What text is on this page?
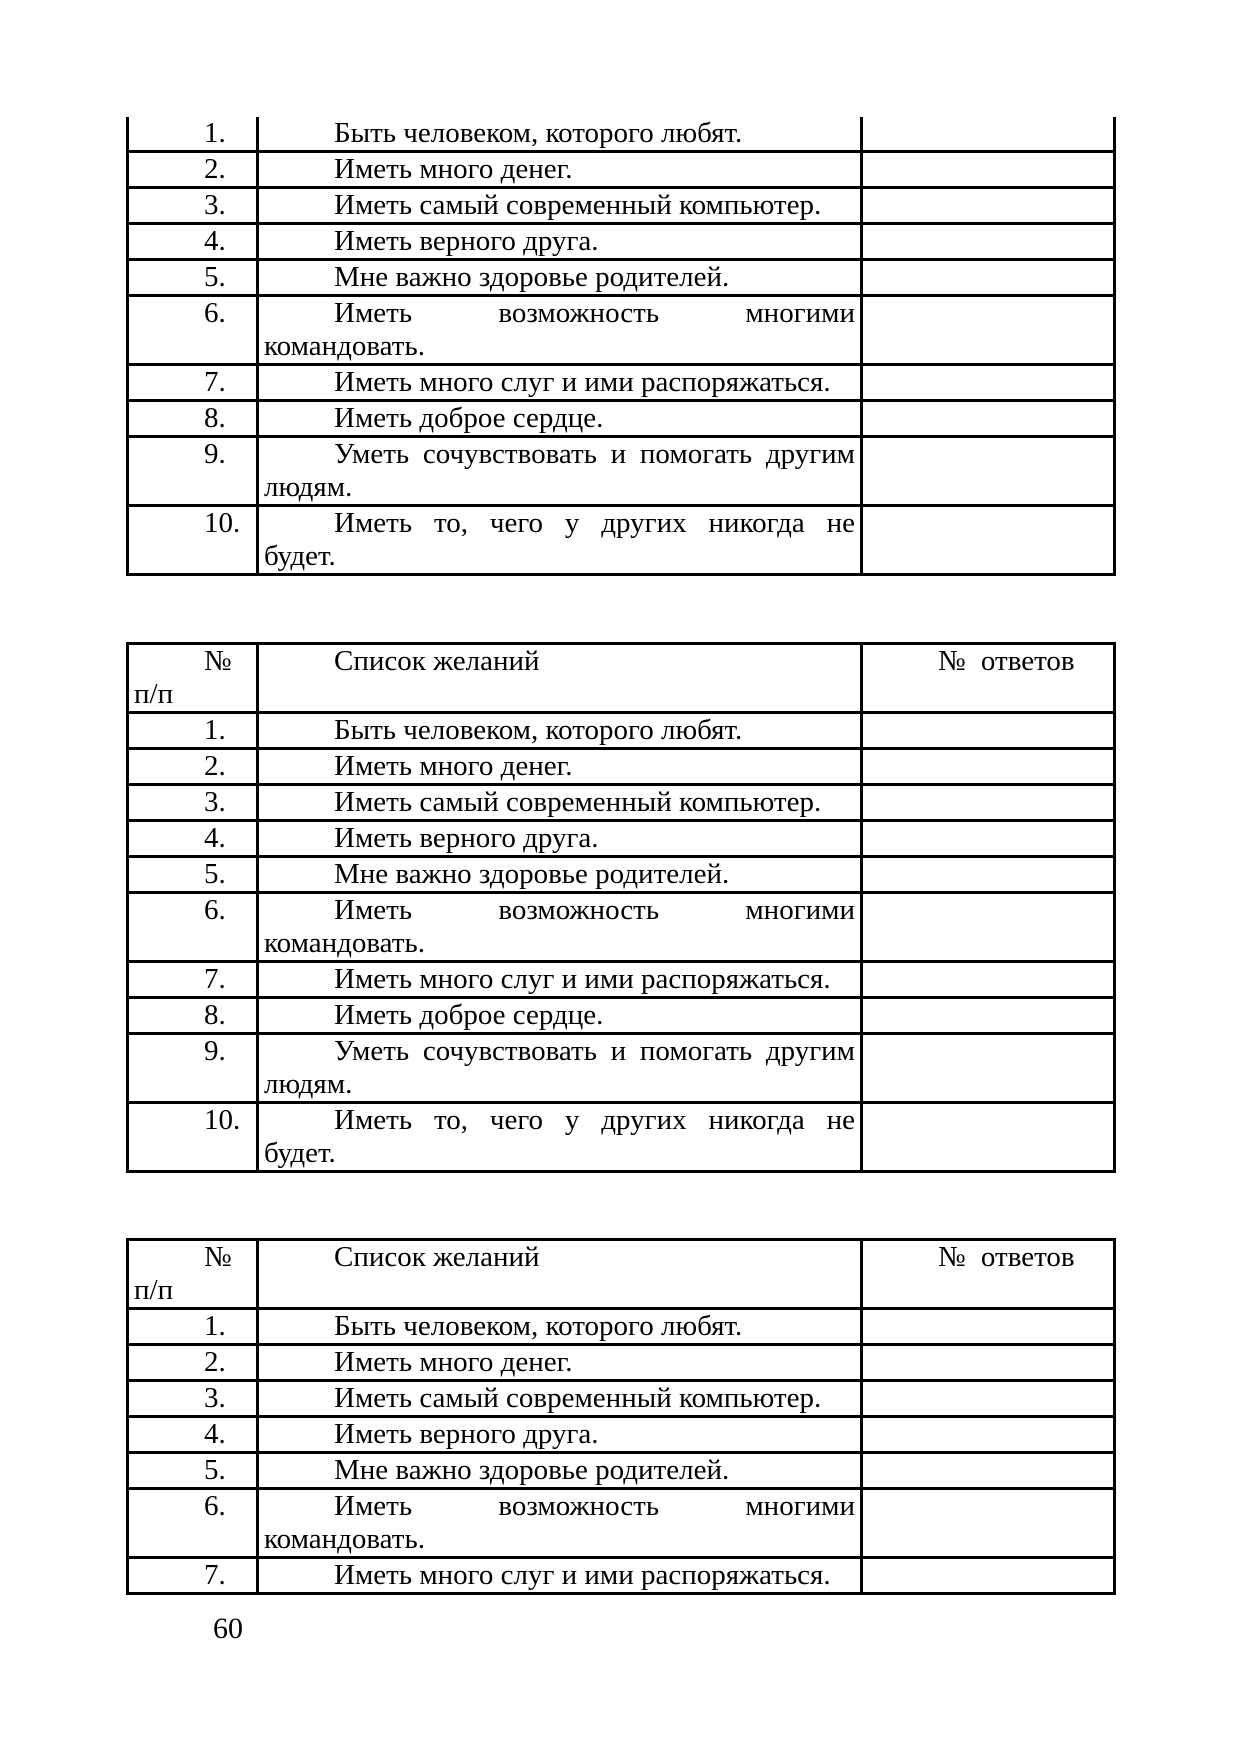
1.	Быть человеком, которого любят.	

2.	Иметь много денег.	

3.	Иметь самый современный компьютер.	

4.	Иметь верного друга.	

5.	Мне важно здоровье родителей.	

6.	Иметь возможность многими
командовать.	

7.	Иметь много слуг и ими распоряжаться.	

8.	Иметь доброе сердце.	

9.	Уметь сочувствовать и помогать другим
людям.	

10.	Иметь то, чего у других никогда не
будет.	

№
п/п	Список желаний	№ ответов

1.	Быть человеком, которого любят.	

2.	Иметь много денег.	

3.	Иметь самый современный компьютер.	

4.	Иметь верного друга.	

5.	Мне важно здоровье родителей.	

6.	Иметь возможность многими
командовать.	

7.	Иметь много слуг и ими распоряжаться.	

8.	Иметь доброе сердце.	

9.	Уметь сочувствовать и помогать другим
людям.	

10.	Иметь то, чего у других никогда не
будет.	

№
п/п	Список желаний	№ ответов

1.	Быть человеком, которого любят.	

2.	Иметь много денег.	

3.	Иметь самый современный компьютер.	

4.	Иметь верного друга.	

5.	Мне важно здоровье родителей.	

6.	Иметь возможность многими
командовать.	

7.	Иметь много слуг и ими распоряжаться.	

60
